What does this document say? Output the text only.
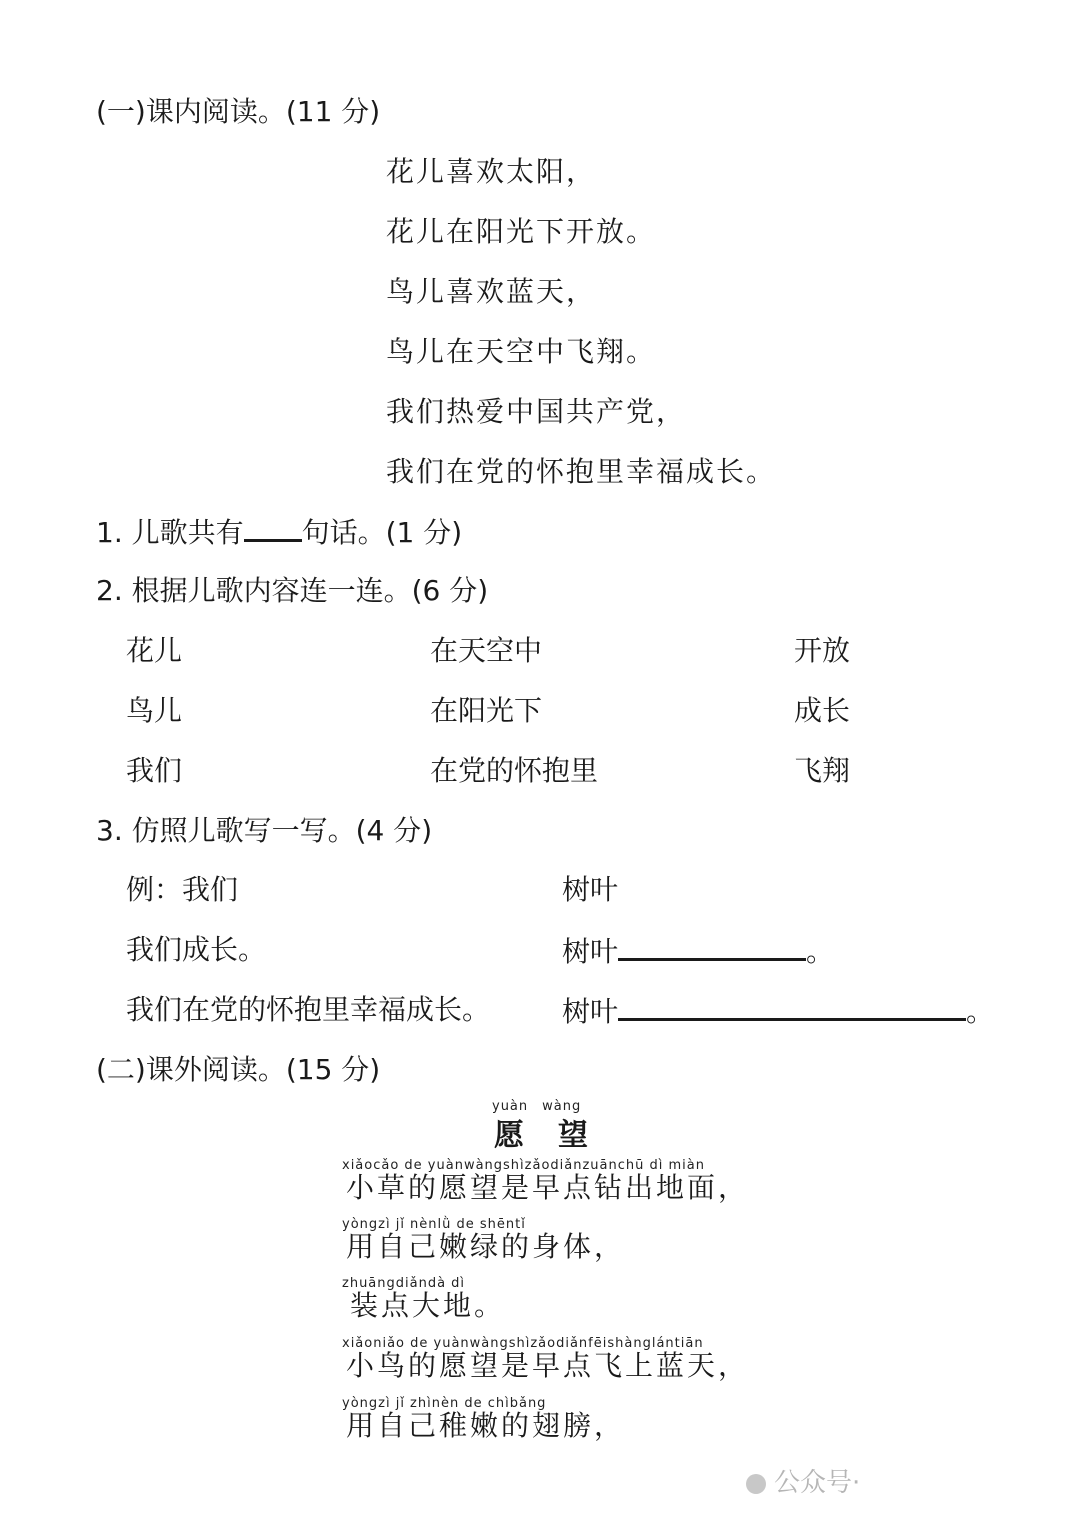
(一)课内阅读。(11 分)
花儿喜欢太阳，
花儿在阳光下开放。
鸟儿喜欢蓝天，
鸟儿在天空中飞翔。
我们热爱中国共产党，
我们在党的怀抱里幸福成长。
1. 儿歌共有 句话。(1 分)
2. 根据儿歌内容连一连。(6 分)
花儿	在天空中	开放
鸟儿	在阳光下	成长
我们	在党的怀抱里	飞翔
3. 仿照儿歌写一写。(4 分)
例：我们	树叶
我们成长。	树叶	。
我们在党的怀抱里幸福成长。	树叶	。
(二)课外阅读。(15 分)
yuàn　wàng
愿　望
xiǎocǎo de yuànwàngshìzǎodiǎnzuānchū dì miàn
小草的愿望是早点钻出地面，
yòngzì jǐ nènlǜ de shēntǐ
用自己嫩绿的身体，
zhuāngdiǎndà dì
装点大地。
xiǎoniǎo de yuànwàngshìzǎodiǎnfēishànglántiān
小鸟的愿望是早点飞上蓝天，
yòngzì jǐ zhìnèn de chìbǎng
用自己稚嫩的翅膀，
公众号·
